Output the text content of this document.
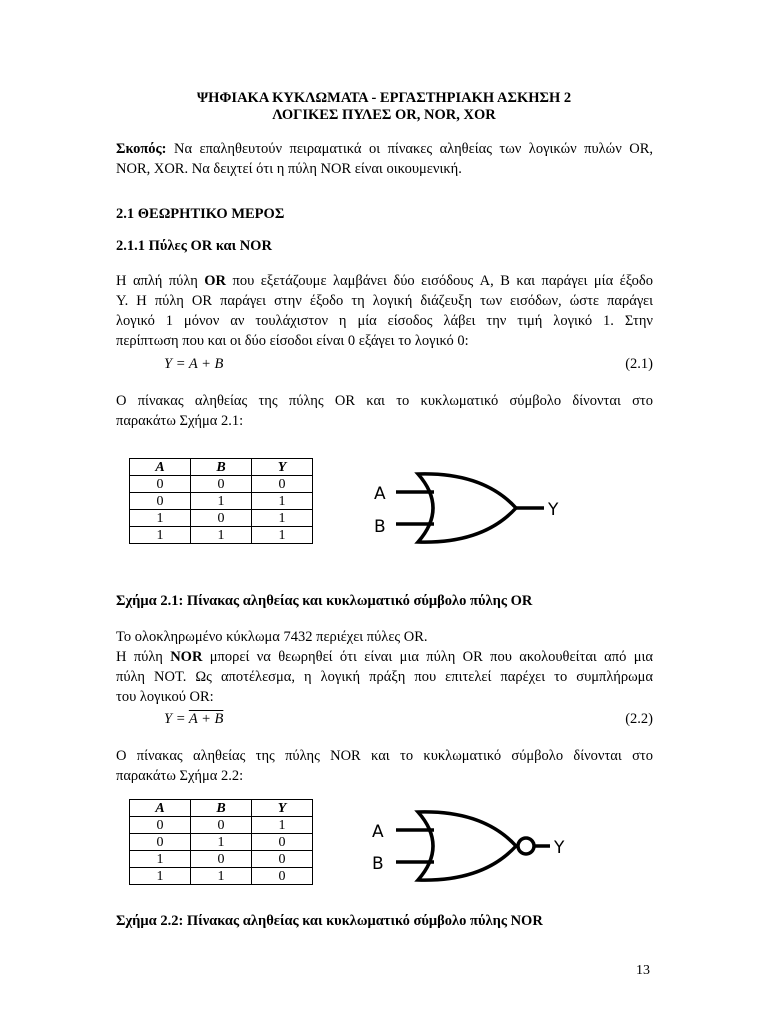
ΨΗΦΙΑΚΑ ΚΥΚΛΩΜΑΤΑ - ΕΡΓΑΣΤΗΡΙΑΚΗ ΑΣΚΗΣΗ 2
ΛΟΓΙΚΕΣ ΠΥΛΕΣ OR, NOR, XOR
Σκοπός: Να επαληθευτούν πειραματικά οι πίνακες αληθείας των λογικών πυλών OR,
NOR, XOR. Να δειχτεί ότι η πύλη NOR είναι οικουμενική.
2.1 ΘΕΩΡΗΤΙΚΟ ΜΕΡΟΣ
2.1.1 Πύλες OR και NOR
Η απλή πύλη OR που εξετάζουμε λαμβάνει δύο εισόδους A, B και παράγει μία έξοδο
Y. Η πύλη OR παράγει στην έξοδο τη λογική διάζευξη των εισόδων, ώστε παράγει
λογικό 1 μόνον αν τουλάχιστον η μία είσοδος λάβει την τιμή λογικό 1. Στην
περίπτωση που και οι δύο είσοδοι είναι 0 εξάγει το λογικό 0:
Y = A + B	(2.1)
Ο πίνακας αληθείας της πύλης OR και το κυκλωματικό σύμβολο δίνονται στο
παρακάτω Σχήμα 2.1:
A	B	Y
0	0	0
0	1	1
1	0	1
1	1	1
A
B
Y
Σχήμα 2.1: Πίνακας αληθείας και κυκλωματικό σύμβολο πύλης OR
Το ολοκληρωμένο κύκλωμα 7432 περιέχει πύλες OR.
Η πύλη NOR μπορεί να θεωρηθεί ότι είναι μια πύλη OR που ακολουθείται από μια
πύλη NOT. Ως αποτέλεσμα, η λογική πράξη που επιτελεί παρέχει το συμπλήρωμα
του λογικού OR:
Y = A + B	(2.2)
Ο πίνακας αληθείας της πύλης NOR και το κυκλωματικό σύμβολο δίνονται στο
παρακάτω Σχήμα 2.2:
A	B	Y
0	0	1
0	1	0
1	0	0
1	1	0
A
B
Y
Σχήμα 2.2: Πίνακας αληθείας και κυκλωματικό σύμβολο πύλης NOR
13
